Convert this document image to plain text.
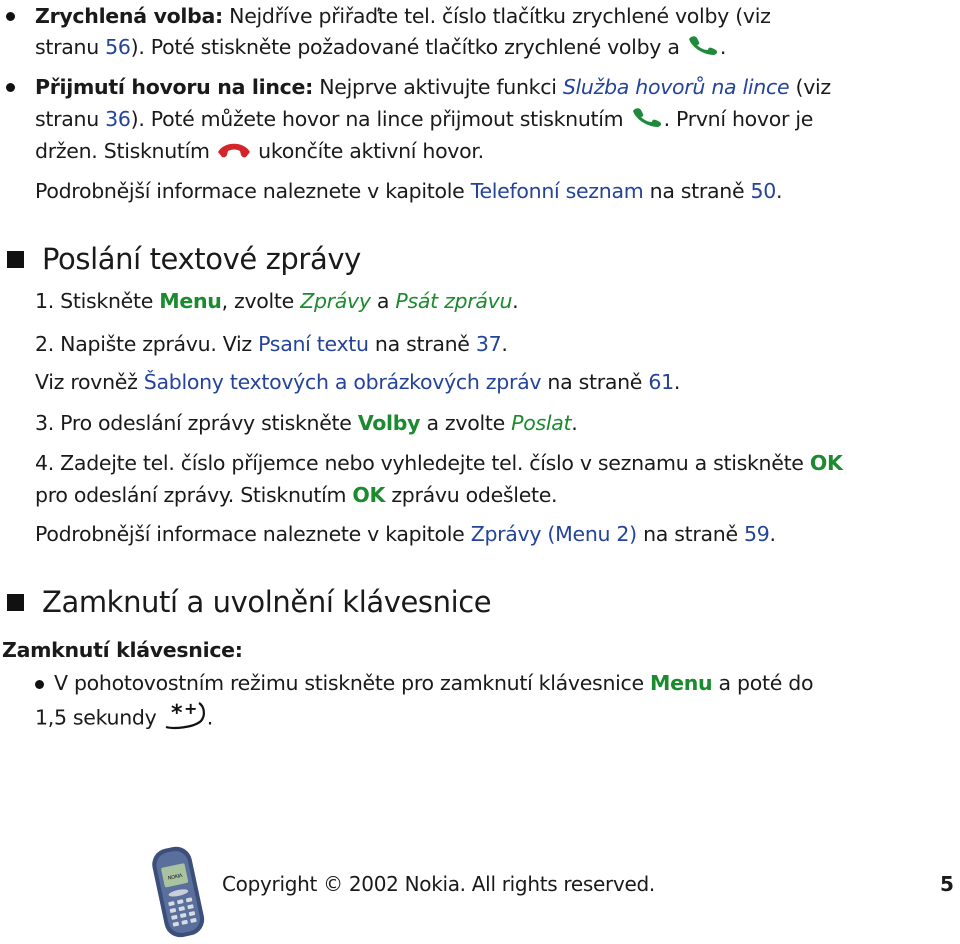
Zrychlená volba: Nejdříve přiřaďte tel. číslo tlačítku zrychlené volby (viz
stranu 56). Poté stiskněte požadované tlačítko zrychlené volby a .
Přijmutí hovoru na lince: Nejprve aktivujte funkci Služba hovorů na lince (viz
stranu 36). Poté můžete hovor na lince přijmout stisknutím . První hovor je
držen. Stisknutím  ukončíte aktivní hovor.
Podrobnější informace naleznete v kapitole Telefonní seznam na straně 50.
Poslání textové zprávy
1. Stiskněte Menu, zvolte Zprávy a Psát zprávu.
2. Napište zprávu. Viz Psaní textu na straně 37.
Viz rovněž Šablony textových a obrázkových zpráv na straně 61.
3. Pro odeslání zprávy stiskněte Volby a zvolte Poslat.
4. Zadejte tel. číslo příjemce nebo vyhledejte tel. číslo v seznamu a stiskněte OK
pro odeslání zprávy. Stisknutím OK zprávu odešlete.
Podrobnější informace naleznete v kapitole Zprávy (Menu 2) na straně 59.
Zamknutí a uvolnění klávesnice
Zamknutí klávesnice:
V pohotovostním režimu stiskněte pro zamknutí klávesnice Menu a poté do
1,5 sekundy * + .
NOKIA Copyright © 2002 Nokia. All rights reserved.	5
